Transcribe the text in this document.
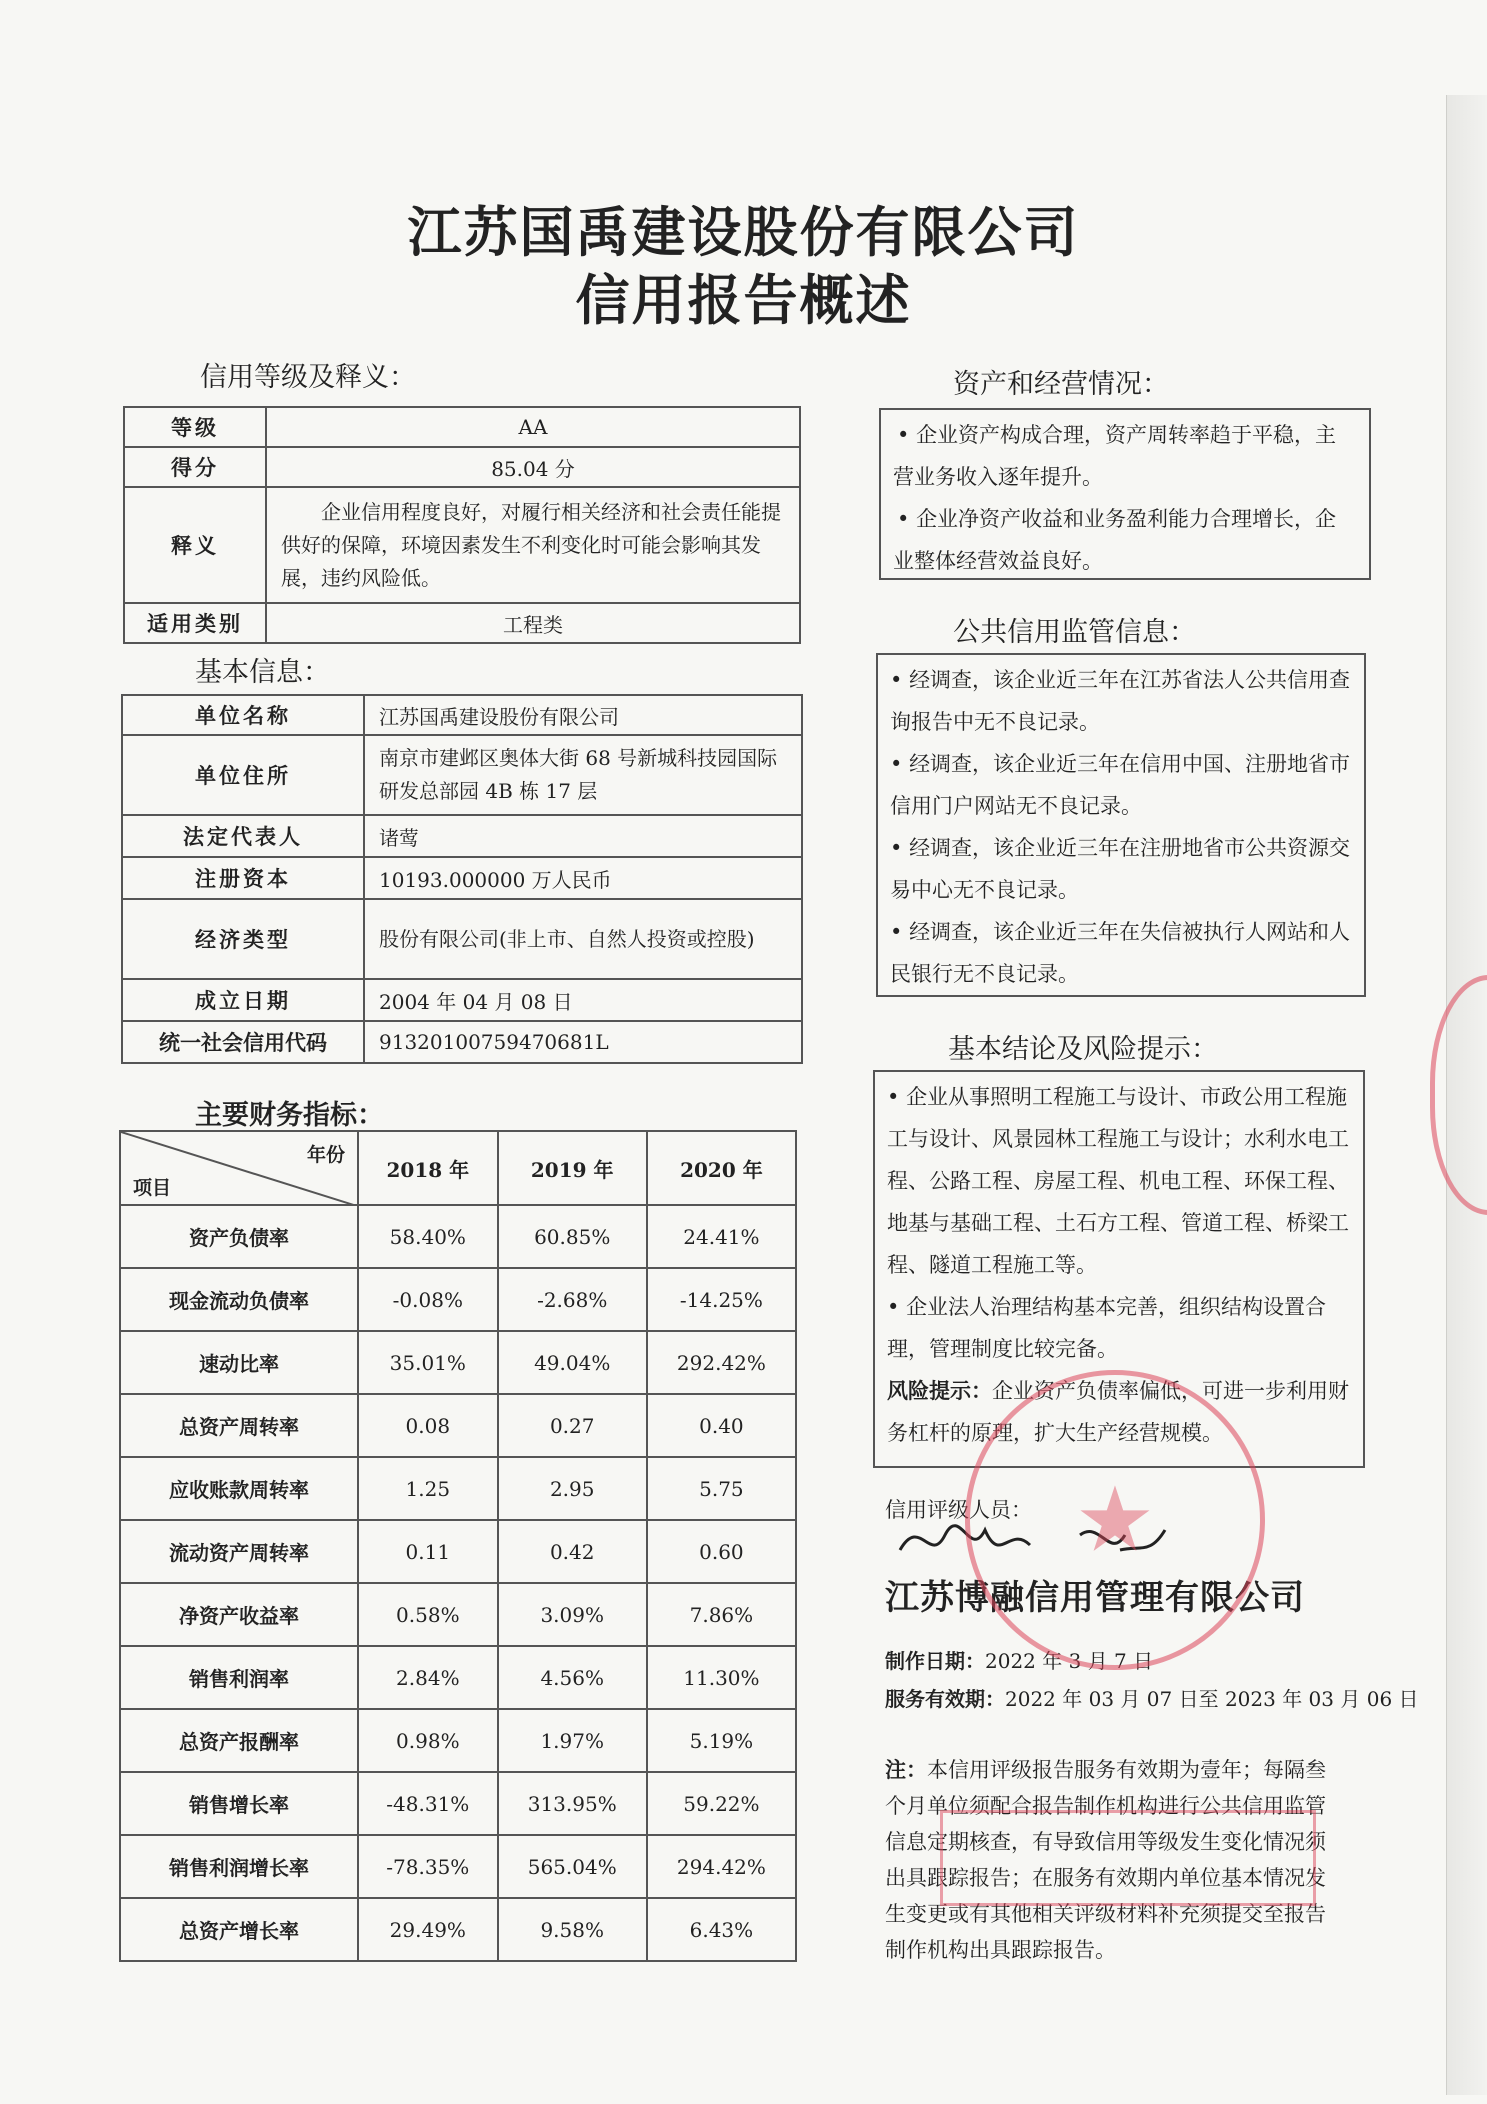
江苏国禹建设股份有限公司
信用报告概述
信用等级及释义：
等级	AA
得分	85.04 分
释义	企业信用程度良好，对履行相关经济和社会责任能提供好的保障，环境因素发生不利变化时可能会影响其发展，违约风险低。
适用类别	工程类
基本信息：
单位名称	江苏国禹建设股份有限公司
单位住所	南京市建邺区奥体大街 68 号新城科技园国际研发总部园 4B 栋 17 层
法定代表人	诸莺
注册资本	10193.000000 万人民币
经济类型	股份有限公司(非上市、自然人投资或控股)
成立日期	2004 年 04 月 08 日
统一社会信用代码	91320100759470681L
主要财务指标：
年份
项目	2018 年	2019 年	2020 年
资产负债率	58.40%	60.85%	24.41%
现金流动负债率	-0.08%	-2.68%	-14.25%
速动比率	35.01%	49.04%	292.42%
总资产周转率	0.08	0.27	0.40
应收账款周转率	1.25	2.95	5.75
流动资产周转率	0.11	0.42	0.60
净资产收益率	0.58%	3.09%	7.86%
销售利润率	2.84%	4.56%	11.30%
总资产报酬率	0.98%	1.97%	5.19%
销售增长率	-48.31%	313.95%	59.22%
销售利润增长率	-78.35%	565.04%	294.42%
总资产增长率	29.49%	9.58%	6.43%
资产和经营情况：
• 企业资产构成合理，资产周转率趋于平稳，主营业务收入逐年提升。
• 企业净资产收益和业务盈利能力合理增长，企业整体经营效益良好。
公共信用监管信息：
• 经调查，该企业近三年在江苏省法人公共信用查询报告中无不良记录。
• 经调查，该企业近三年在信用中国、注册地省市信用门户网站无不良记录。
• 经调查，该企业近三年在注册地省市公共资源交易中心无不良记录。
• 经调查，该企业近三年在失信被执行人网站和人民银行无不良记录。
基本结论及风险提示：
• 企业从事照明工程施工与设计、市政公用工程施工与设计、风景园林工程施工与设计；水利水电工程、公路工程、房屋工程、机电工程、环保工程、地基与基础工程、土石方工程、管道工程、桥梁工程、隧道工程施工等。
• 企业法人治理结构基本完善，组织结构设置合理，管理制度比较完备。
风险提示：企业资产负债率偏低，可进一步利用财务杠杆的原理，扩大生产经营规模。
信用评级人员：
江苏博融信用管理有限公司
制作日期：2022 年 3 月 7 日
服务有效期：2022 年 03 月 07 日至 2023 年 03 月 06 日
注：本信用评级报告服务有效期为壹年；每隔叁个月单位须配合报告制作机构进行公共信用监管信息定期核查，有导致信用等级发生变化情况须出具跟踪报告；在服务有效期内单位基本情况发生变更或有其他相关评级材料补充须提交至报告制作机构出具跟踪报告。
★
